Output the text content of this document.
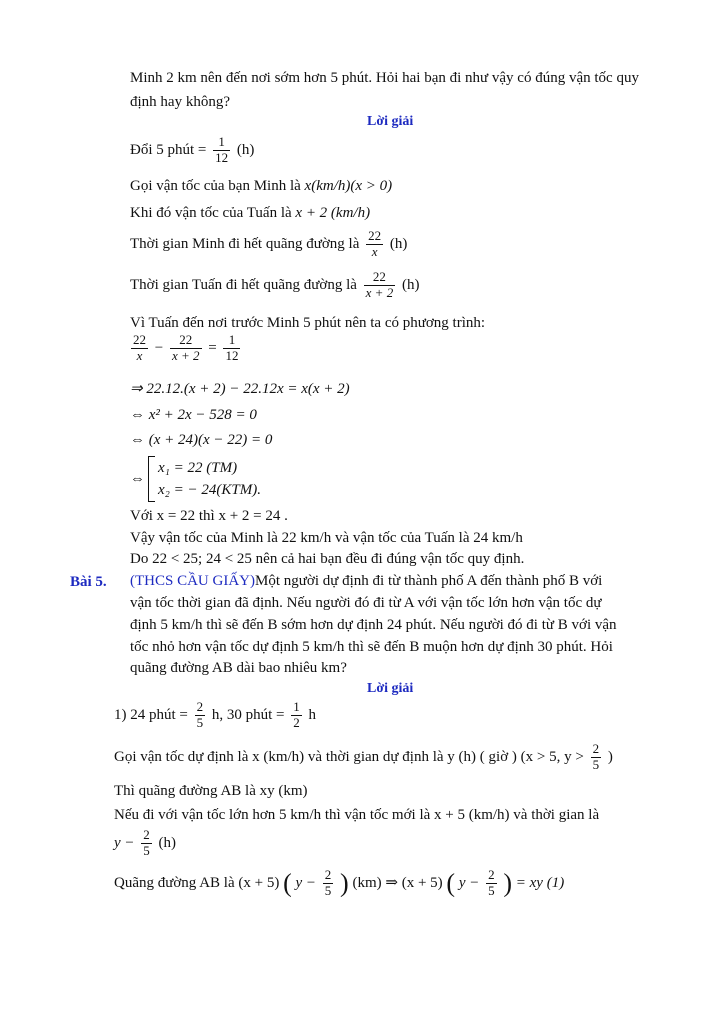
Minh 2 km nên đến nơi sớm hơn 5 phút. Hỏi hai bạn đi như vậy có đúng vận tốc quy
định hay không?
Lời giải
Đổi 5 phút = $\frac{1}{12} (h)$
Gọi vận tốc của bạn Minh là x(km/h)(x > 0)
Khi đó vận tốc của Tuấn là x + 2 (km/h)
Thời gian Minh đi hết quãng đường là $\frac{22}{x} (h)$
Thời gian Tuấn đi hết quãng đường là $\frac{22}{x + 2} (h)$
Vì Tuấn đến nơi trước Minh 5 phút nên ta có phương trình:
$\frac{22}{x} - \frac{22}{x + 2} = \frac{1}{12}$
⇒ 22.12.(x + 2) − 22.12x = x(x + 2)
⇔ x² + 2x − 528 = 0
⇔ (x + 24)(x − 22) = 0
⇔
x₁ = 22 (TM)
x₂ = − 24(KTM).
Với x = 22 thì x + 2 = 24 .
Vậy vận tốc của Minh là 22 km/h và vận tốc của Tuấn là 24 km/h
Do 22 < 25; 24 < 25 nên cả hai bạn đều đi đúng vận tốc quy định.
Bài 5. (THCS CẦU GIẤY)Một người dự định đi từ thành phố A đến thành phố B với
vận tốc thời gian đã định. Nếu người đó đi từ A với vận tốc lớn hơn vận tốc dự
định 5 km/h thì sẽ đến B sớm hơn dự định 24 phút. Nếu người đó đi từ B với vận
tốc nhỏ hơn vận tốc dự định 5 km/h thì sẽ đến B muộn hơn dự định 30 phút. Hỏi
quãng đường AB dài bao nhiêu km?
Lời giải
1) 24 phút = $\frac{2}{5} h$, 30 phút = $\frac{1}{2}$ h
Gọi vận tốc dự định là x (km/h) và thời gian dự định là y (h) ( giờ ) (x > 5, $y > \frac{2}{5}$ )
Thì quãng đường AB là xy (km)
Nếu đi với vận tốc lớn hơn 5 km/h thì vận tốc mới là x + 5 (km/h) và thời gian là
$y - \frac{2}{5} (h)$
Quãng đường AB là (x + 5) ( $y - \frac{2}{5}$ ) (km) ⇒ (x + 5) ( $y - \frac{2}{5}$ ) = xy (1)
